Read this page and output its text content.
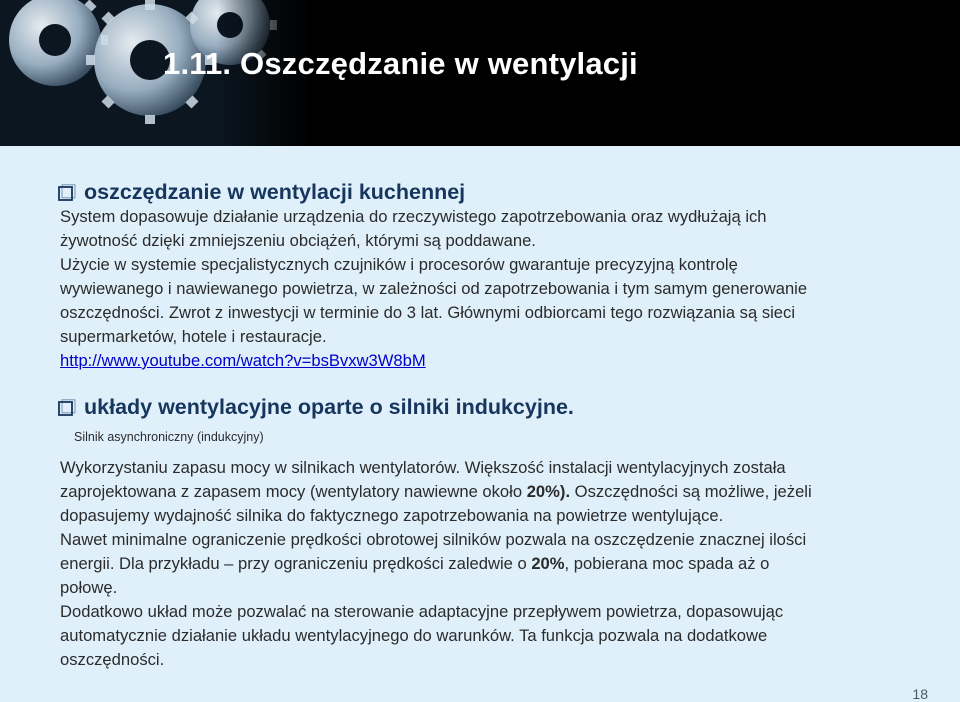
1.11. Oszczędzanie w wentylacji
oszczędzanie w wentylacji kuchennej

System dopasowuje działanie urządzenia do rzeczywistego zapotrzebowania oraz wydłużają ich

żywotność dzięki zmniejszeniu obciążeń, którymi są poddawane.

Użycie w systemie specjalistycznych czujników i procesorów gwarantuje precyzyjną kontrolę

wywiewanego i nawiewanego powietrza, w zależności od zapotrzebowania i tym samym generowanie

oszczędności. Zwrot z inwestycji w terminie do 3 lat. Głównymi odbiorcami tego rozwiązania są sieci

supermarketów, hotele i restauracje.

http://www.youtube.com/watch?v=bsBvxw3W8bM
układy wentylacyjne oparte o silniki indukcyjne.
Silnik asynchroniczny (indukcyjny)

Wykorzystaniu zapasu mocy w silnikach wentylatorów. Większość instalacji wentylacyjnych została

zaprojektowana z zapasem mocy (wentylatory nawiewne około 20%). Oszczędności są możliwe, jeżeli

dopasujemy wydajność silnika do faktycznego zapotrzebowania na powietrze wentylujące.

Nawet minimalne ograniczenie prędkości obrotowej silników pozwala na oszczędzenie znacznej ilości

energii. Dla przykładu – przy ograniczeniu prędkości zaledwie o 20%, pobierana moc spada aż o

połowę.

Dodatkowo układ może pozwalać na sterowanie adaptacyjne przepływem powietrza, dopasowując

automatycznie działanie układu wentylacyjnego do warunków. Ta funkcja pozwala na dodatkowe

oszczędności.

18
